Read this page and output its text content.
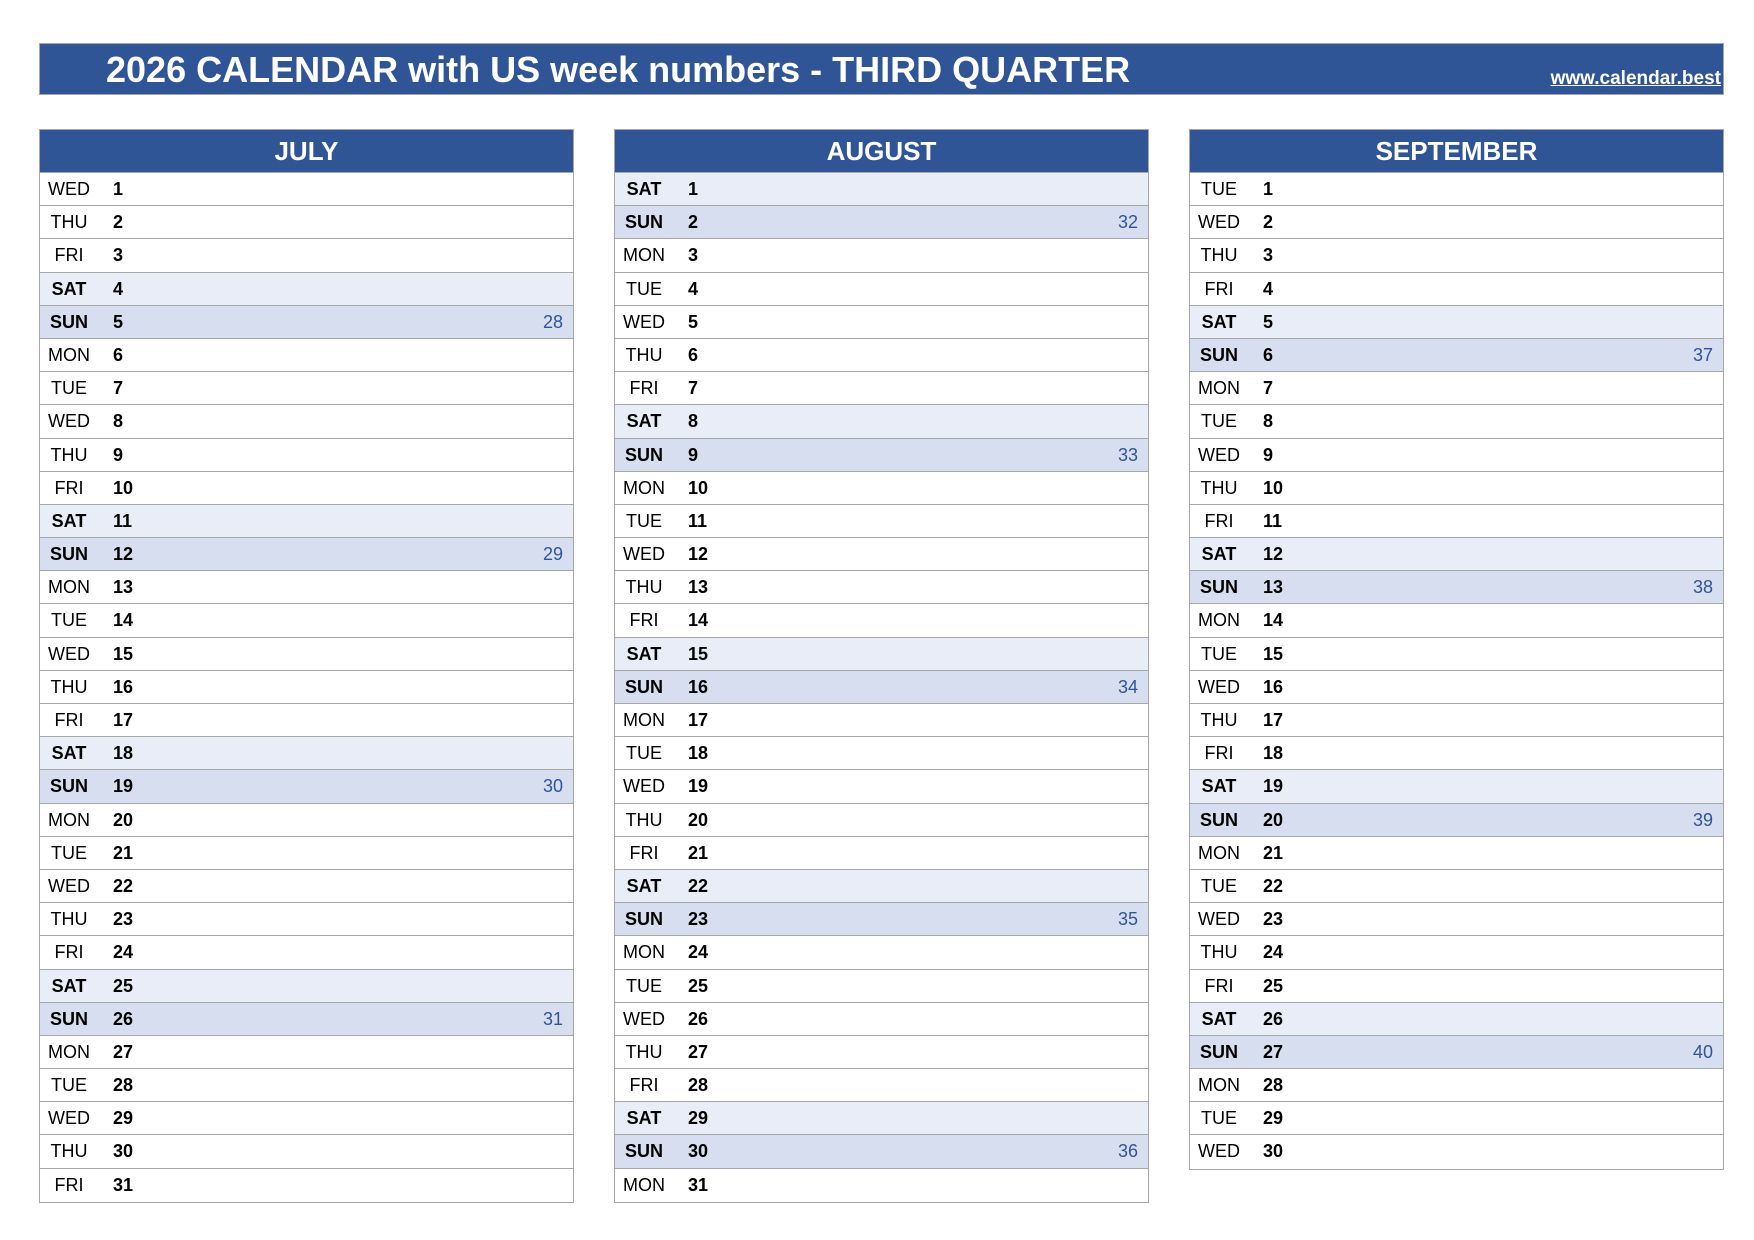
2026 CALENDAR with US week numbers - THIRD QUARTER	www.calendar.best
JULY
WED	1
THU	2
FRI	3
SAT	4
SUN	5	28
MON	6
TUE	7
WED	8
THU	9
FRI	10
SAT	11
SUN	12	29
MON	13
TUE	14
WED	15
THU	16
FRI	17
SAT	18
SUN	19	30
MON	20
TUE	21
WED	22
THU	23
FRI	24
SAT	25
SUN	26	31
MON	27
TUE	28
WED	29
THU	30
FRI	31
AUGUST
SAT	1
SUN	2	32
MON	3
TUE	4
WED	5
THU	6
FRI	7
SAT	8
SUN	9	33
MON	10
TUE	11
WED	12
THU	13
FRI	14
SAT	15
SUN	16	34
MON	17
TUE	18
WED	19
THU	20
FRI	21
SAT	22
SUN	23	35
MON	24
TUE	25
WED	26
THU	27
FRI	28
SAT	29
SUN	30	36
MON	31
SEPTEMBER
TUE	1
WED	2
THU	3
FRI	4
SAT	5
SUN	6	37
MON	7
TUE	8
WED	9
THU	10
FRI	11
SAT	12
SUN	13	38
MON	14
TUE	15
WED	16
THU	17
FRI	18
SAT	19
SUN	20	39
MON	21
TUE	22
WED	23
THU	24
FRI	25
SAT	26
SUN	27	40
MON	28
TUE	29
WED	30
